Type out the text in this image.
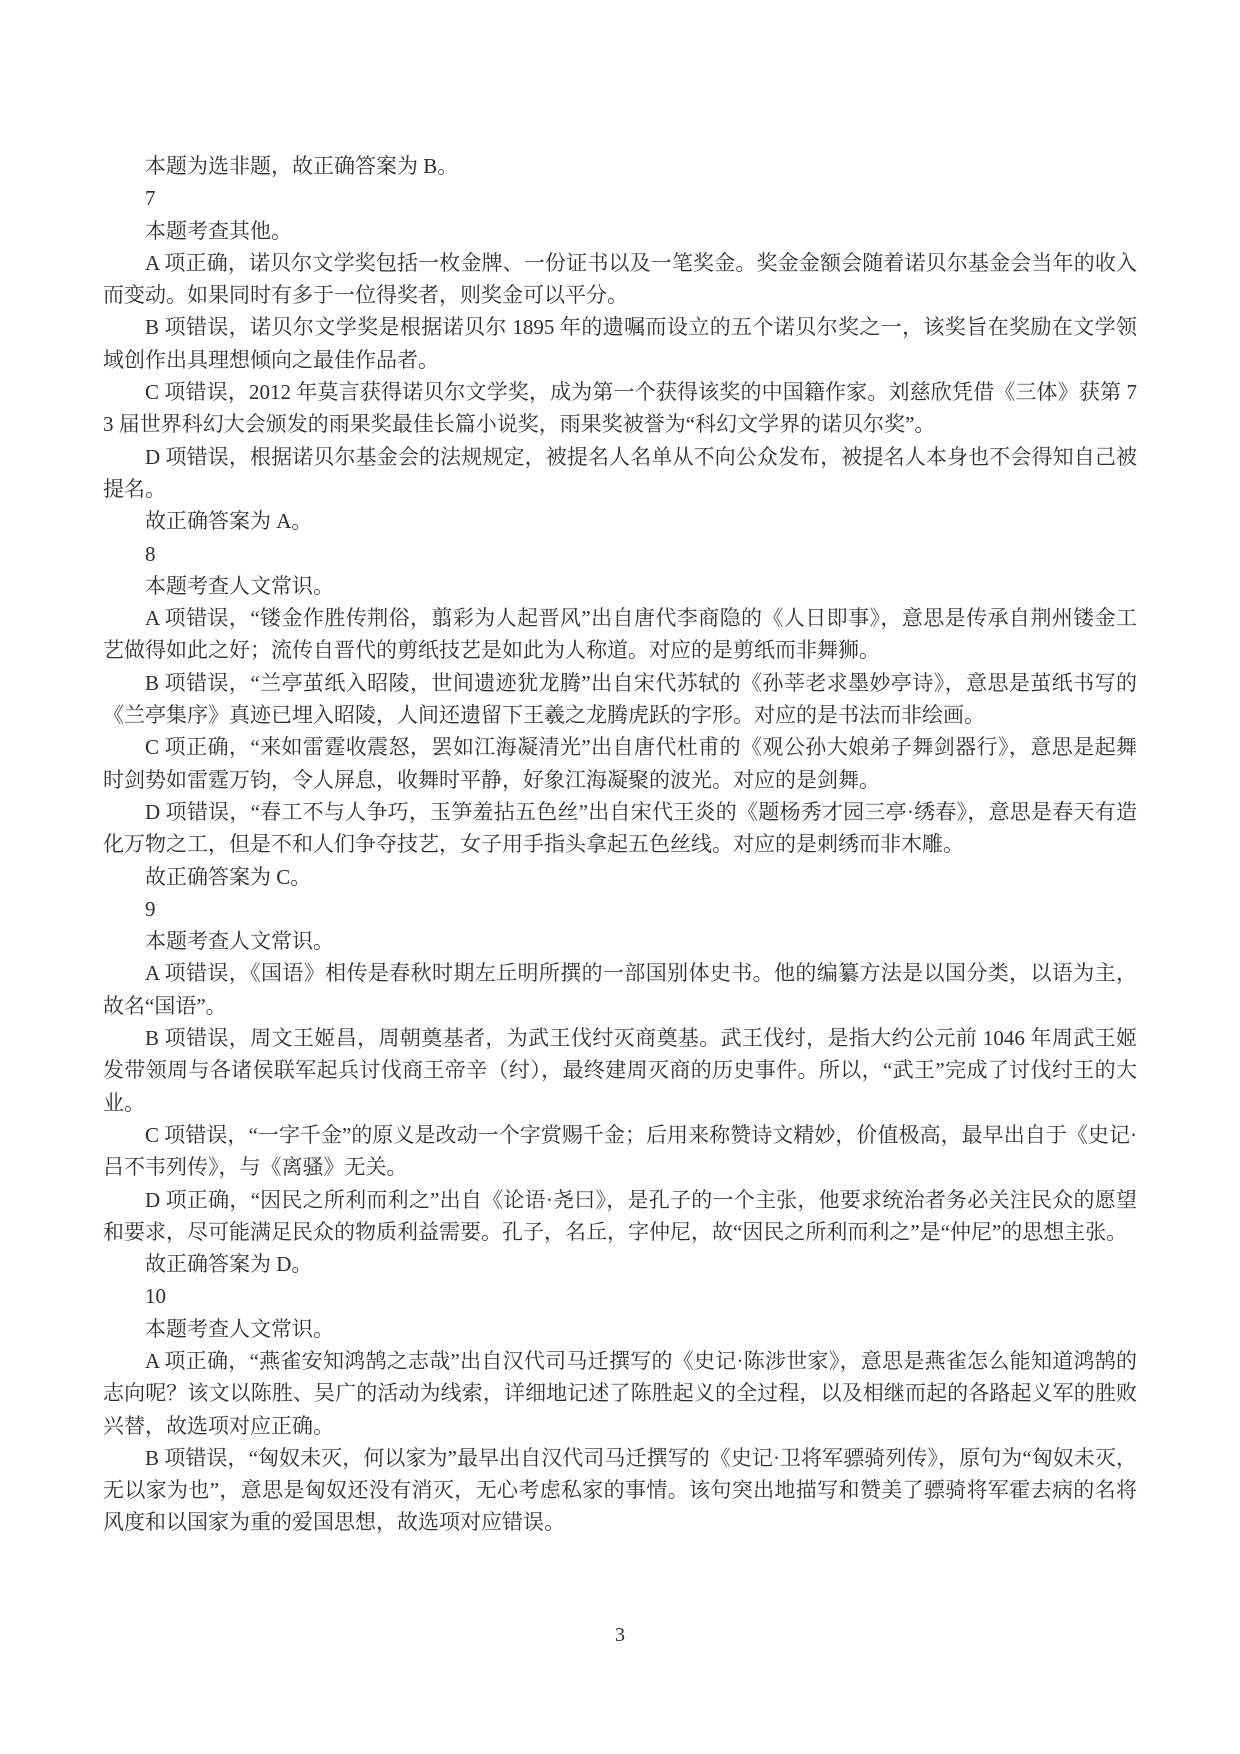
本题为选非题，故正确答案为 B。

7

本题考查其他。

A 项正确，诺贝尔文学奖包括一枚金牌、一份证书以及一笔奖金。奖金金额会随着诺贝尔基金会当年的收入而变动。如果同时有多于一位得奖者，则奖金可以平分。

B 项错误，诺贝尔文学奖是根据诺贝尔 1895 年的遗嘱而设立的五个诺贝尔奖之一，该奖旨在奖励在文学领域创作出具理想倾向之最佳作品者。

C 项错误，2012 年莫言获得诺贝尔文学奖，成为第一个获得该奖的中国籍作家。刘慈欣凭借《三体》获第 73 届世界科幻大会颁发的雨果奖最佳长篇小说奖，雨果奖被誉为“科幻文学界的诺贝尔奖”。

D 项错误，根据诺贝尔基金会的法规规定，被提名人名单从不向公众发布，被提名人本身也不会得知自己被提名。

故正确答案为 A。

8

本题考查人文常识。

A 项错误，“镂金作胜传荆俗，翦彩为人起晋风”出自唐代李商隐的《人日即事》，意思是传承自荆州镂金工艺做得如此之好；流传自晋代的剪纸技艺是如此为人称道。对应的是剪纸而非舞狮。

B 项错误，“兰亭茧纸入昭陵，世间遗迹犹龙腾”出自宋代苏轼的《孙莘老求墨妙亭诗》，意思是茧纸书写的《兰亭集序》真迹已埋入昭陵，人间还遗留下王羲之龙腾虎跃的字形。对应的是书法而非绘画。

C 项正确，“来如雷霆收震怒，罢如江海凝清光”出自唐代杜甫的《观公孙大娘弟子舞剑器行》，意思是起舞时剑势如雷霆万钧，令人屏息，收舞时平静，好象江海凝聚的波光。对应的是剑舞。

D 项错误，“春工不与人争巧，玉笋羞拈五色丝”出自宋代王炎的《题杨秀才园三亭·绣春》，意思是春天有造化万物之工，但是不和人们争夺技艺，女子用手指头拿起五色丝线。对应的是刺绣而非木雕。

故正确答案为 C。

9

本题考查人文常识。

A 项错误，《国语》相传是春秋时期左丘明所撰的一部国别体史书。他的编纂方法是以国分类，以语为主，故名“国语”。

B 项错误，周文王姬昌，周朝奠基者，为武王伐纣灭商奠基。武王伐纣，是指大约公元前 1046 年周武王姬发带领周与各诸侯联军起兵讨伐商王帝辛（纣），最终建周灭商的历史事件。所以，“武王”完成了讨伐纣王的大业。

C 项错误，“一字千金”的原义是改动一个字赏赐千金；后用来称赞诗文精妙，价值极高，最早出自于《史记·吕不韦列传》，与《离骚》无关。

D 项正确，“因民之所利而利之”出自《论语·尧曰》，是孔子的一个主张，他要求统治者务必关注民众的愿望和要求，尽可能满足民众的物质利益需要。孔子，名丘，字仲尼，故“因民之所利而利之”是“仲尼”的思想主张。

故正确答案为 D。

10

本题考查人文常识。

A 项正确，“燕雀安知鸿鹄之志哉”出自汉代司马迁撰写的《史记·陈涉世家》，意思是燕雀怎么能知道鸿鹄的志向呢？该文以陈胜、吴广的活动为线索，详细地记述了陈胜起义的全过程，以及相继而起的各路起义军的胜败兴替，故选项对应正确。

B 项错误，“匈奴未灭，何以家为”最早出自汉代司马迁撰写的《史记·卫将军骠骑列传》，原句为“匈奴未灭，无以家为也”，意思是匈奴还没有消灭，无心考虑私家的事情。该句突出地描写和赞美了骠骑将军霍去病的名将风度和以国家为重的爱国思想，故选项对应错误。

3
